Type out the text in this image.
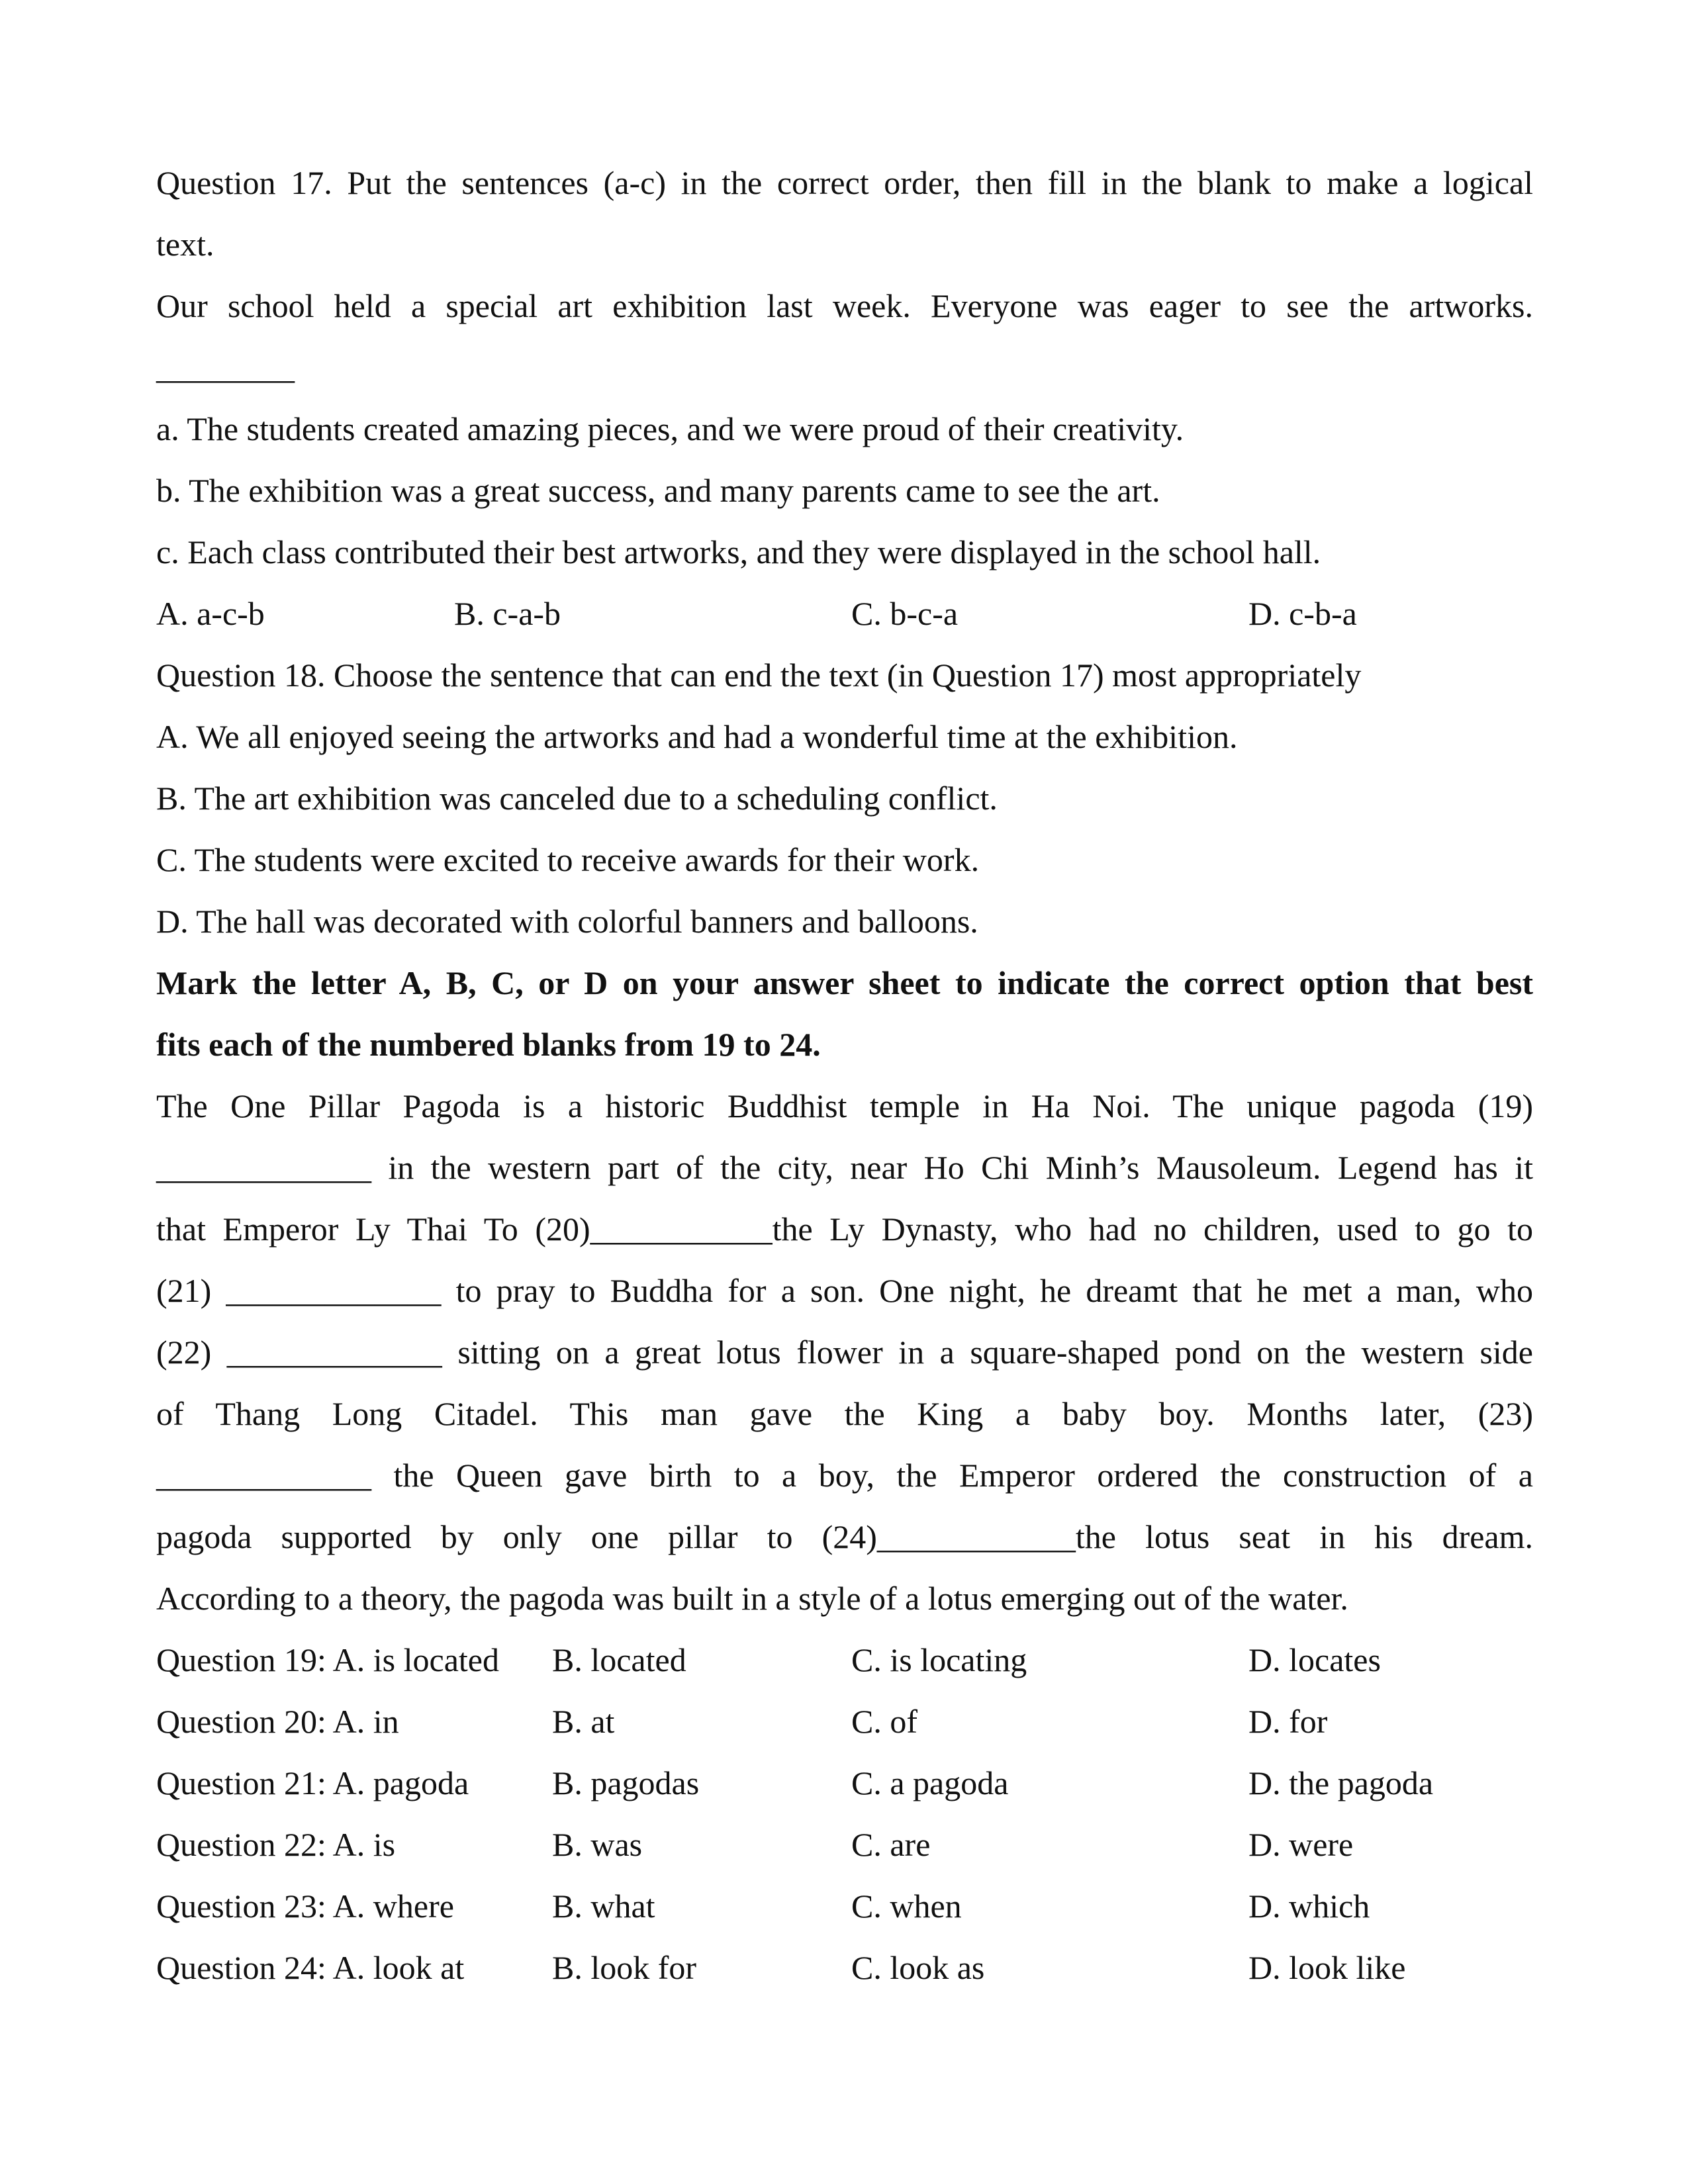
Question 17. Put the sentences (a-c) in the correct order, then fill in the blank to make a logical
text.
Our school held a special art exhibition last week. Everyone was eager to see the artworks.
_________
a. The students created amazing pieces, and we were proud of their creativity.
b. The exhibition was a great success, and many parents came to see the art.
c. Each class contributed their best artworks, and they were displayed in the school hall.
A. a-c-b	B. c-a-b	C. b-c-a	D. c-b-a
Question 18. Choose the sentence that can end the text (in Question 17) most appropriately
A. We all enjoyed seeing the artworks and had a wonderful time at the exhibition.
B. The art exhibition was canceled due to a scheduling conflict.
C. The students were excited to receive awards for their work.
D. The hall was decorated with colorful banners and balloons.
Mark the letter A, B, C, or D on your answer sheet to indicate the correct option that best
fits each of the numbered blanks from 19 to 24.
The One Pillar Pagoda is a historic Buddhist temple in Ha Noi. The unique pagoda (19)
_____________ in the western part of the city, near Ho Chi Minh’s Mausoleum. Legend has it
that Emperor Ly Thai To (20)___________the Ly Dynasty, who had no children, used to go to
(21) _____________ to pray to Buddha for a son. One night, he dreamt that he met a man, who
(22) _____________ sitting on a great lotus flower in a square-shaped pond on the western side
of Thang Long Citadel. This man gave the King a baby boy. Months later, (23)
_____________ the Queen gave birth to a boy, the Emperor ordered the construction of a
pagoda supported by only one pillar to (24)____________the lotus seat in his dream.
According to a theory, the pagoda was built in a style of a lotus emerging out of the water.
Question 19: A. is located B. located	C. is locating	D. locates
Question 20: A. in	B. at	C. of	D. for
Question 21: A. pagoda	B. pagodas	C. a pagoda	D. the pagoda
Question 22: A. is	B. was	C. are	D. were
Question 23: A. where	B. what	C. when	D. which
Question 24: A. look at	B. look for	C. look as	D. look like
